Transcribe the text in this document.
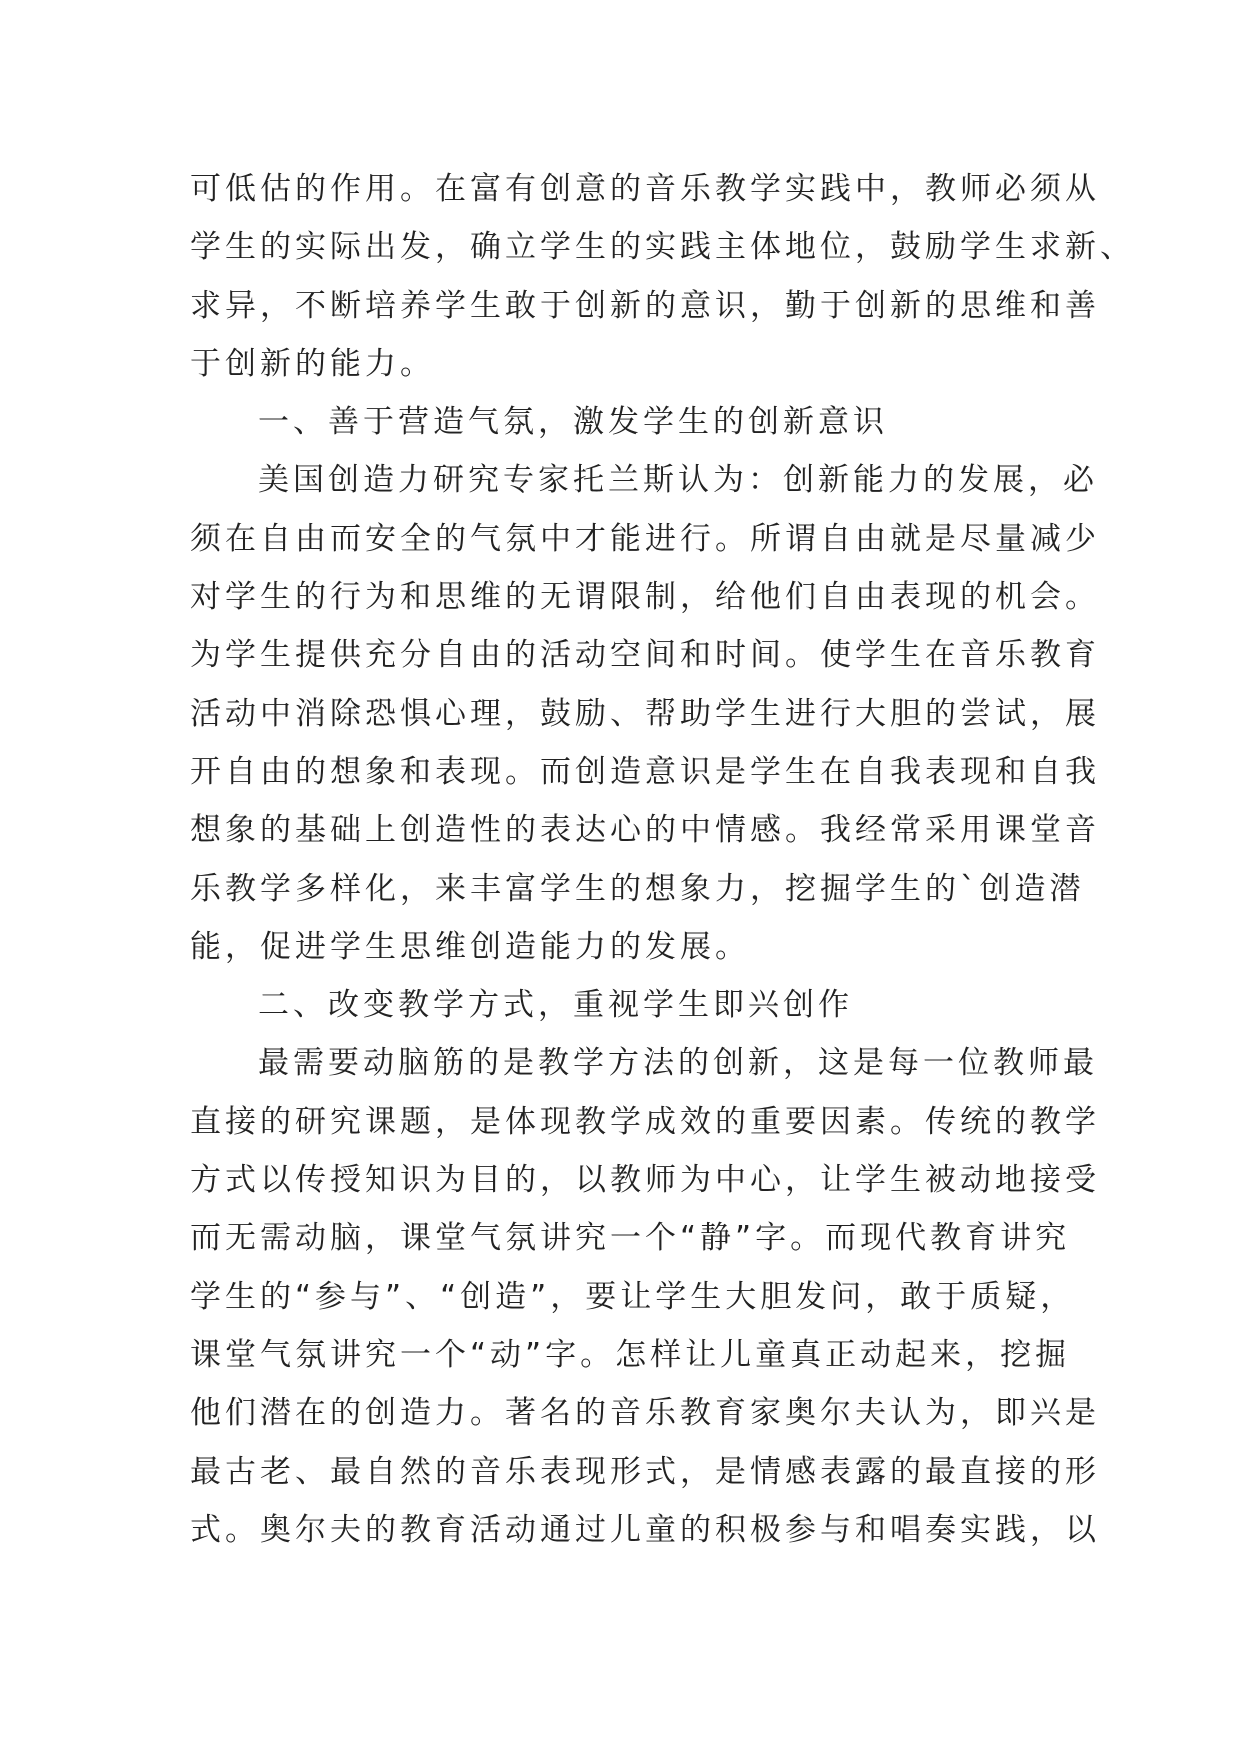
可低估的作用。在富有创意的音乐教学实践中，教师必须从
学生的实际出发，确立学生的实践主体地位，鼓励学生求新、
求异，不断培养学生敢于创新的意识，勤于创新的思维和善
于创新的能力。
一、善于营造气氛，激发学生的创新意识
美国创造力研究专家托兰斯认为：创新能力的发展，必
须在自由而安全的气氛中才能进行。所谓自由就是尽量减少
对学生的行为和思维的无谓限制，给他们自由表现的机会。
为学生提供充分自由的活动空间和时间。使学生在音乐教育
活动中消除恐惧心理，鼓励、帮助学生进行大胆的尝试，展
开自由的想象和表现。而创造意识是学生在自我表现和自我
想象的基础上创造性的表达心的中情感。我经常采用课堂音
乐教学多样化，来丰富学生的想象力，挖掘学生的`创造潜
能，促进学生思维创造能力的发展。
二、改变教学方式，重视学生即兴创作
最需要动脑筋的是教学方法的创新，这是每一位教师最
直接的研究课题，是体现教学成效的重要因素。传统的教学
方式以传授知识为目的，以教师为中心，让学生被动地接受
而无需动脑，课堂气氛讲究一个“静”字。而现代教育讲究
学生的“参与”、“创造”，要让学生大胆发问，敢于质疑，
课堂气氛讲究一个“动”字。怎样让儿童真正动起来，挖掘
他们潜在的创造力。著名的音乐教育家奥尔夫认为，即兴是
最古老、最自然的音乐表现形式，是情感表露的最直接的形
式。奥尔夫的教育活动通过儿童的积极参与和唱奏实践，以
